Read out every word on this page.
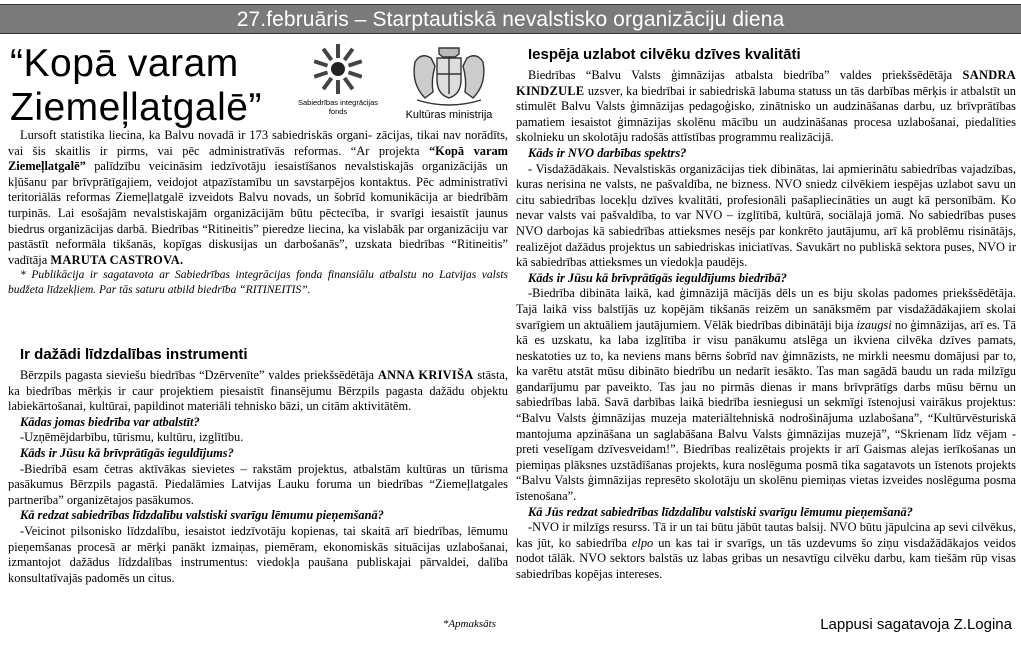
27.februāris – Starptautiskā nevalstisko organizāciju diena
“Kopā varam
Ziemeļlatgalē”	Sabiedrības integrācijas
fonds	Kultūras ministrija

Lursoft statistika liecina, ka Balvu novadā ir 173 sabiedriskās organi- zācijas, tikai nav norādīts, vai šis skaitlis ir pirms, vai pēc administratīvās reformas. “Ar projekta “Kopā varam Ziemeļlatgalē” palīdzību veicināsim iedzīvotāju iesaistīšanos nevalstiskajās organizācijās un kļūšanu par brīvprātīgajiem, veidojot atpazīstamību un savstarpējos kontaktus. Pēc administratīvi teritoriālās reformas Ziemeļlatgalē izveidots Balvu novads, un šobrīd komunikācija ar biedrībām turpinās. Lai esošajām nevalstiskajām organizācijām būtu pēctecība, ir svarīgi iesaistīt jaunus biedrus organizācijas darbā. Biedrības “Ritineitis” pieredze liecina, ka vislabāk par organizāciju var pastāstīt neformāla tikšanās, kopīgas diskusijas un darbošanās”, uzskata biedrības “Ritineitis” vadītāja MARUTA CASTROVA.

* Publikācija ir sagatavota ar Sabiedrības integrācijas fonda finansiālu atbalstu no Latvijas valsts budžeta līdzekļiem. Par tās saturu atbild biedrība “RITINEITIS”.

Ir dažādi līdzdalības instrumenti

Bērzpils pagasta sieviešu biedrības “Dzērvenīte” valdes priekšsēdētāja ANNA KRIVIŠA stāsta, ka biedrības mērķis ir caur projektiem piesaistīt finansējumu Bērzpils pagasta dažādu objektu labiekārtošanai, kultūrai, papildinot materiāli tehnisko bāzi, un citām aktivitātēm.

Kādas jomas biedrība var atbalstīt?

-Uzņēmējdarbību, tūrismu, kultūru, izglītību.

Kāds ir Jūsu kā brīvprātīgās ieguldījums?

-Biedrībā esam četras aktīvākas sievietes – rakstām projektus, atbalstām kultūras un tūrisma pasākumus Bērzpils pagastā. Piedalāmies Latvijas Lauku foruma un biedrības “Ziemeļlatgales partnerība” organizētajos pasākumos.

Kā redzat sabiedrības līdzdalību valstiski svarīgu lēmumu pieņemšanā?

-Veicinot pilsonisko līdzdalību, iesaistot iedzīvotāju kopienas, tai skaitā arī biedrības, lēmumu pieņemšanas procesā ar mērķi panākt izmaiņas, piemēram, ekonomiskās situācijas uzlabošanai, izmantojot dažādus līdzdalības instrumentus: viedokļa paušana publiskajai pārvaldei, dalība konsultatīvajās padomēs un citus.

*Apmaksāts
Iespēja uzlabot cilvēku dzīves kvalitāti

Biedrības “Balvu Valsts ģimnāzijas atbalsta biedrība” valdes priekšsēdētāja SANDRA KINDZULE uzsver, ka biedrībai ir sabiedriskā labuma statuss un tās darbības mērķis ir atbalstīt un stimulēt Balvu Valsts ģimnāzijas pedagoģisko, zinātnisko un audzināšanas darbu, uz brīvprātības pamatiem iesaistot ģimnāzijas skolēnu mācību un audzināšanas procesa uzlabošanai, piedalīties skolnieku un skolotāju radošās attīstības programmu realizācijā.

Kāds ir NVO darbības spektrs?

- Visdažādākais. Nevalstiskās organizācijas tiek dibinātas, lai apmierinātu sabiedrības vajadzības, kuras nerisina ne valsts, ne pašvaldība, ne bizness. NVO sniedz cilvēkiem iespējas uzlabot savu un citu sabiedrības locekļu dzīves kvalitāti, profesionāli pašapliecināties un augt kā personībām. Ko nevar valsts vai pašvaldība, to var NVO – izglītībā, kultūrā, sociālajā jomā. No sabiedrības puses NVO darbojas kā sabiedrības attieksmes nesējs par konkrēto jautājumu, arī kā problēmu risinātājs, realizējot dažādus projektus un sabiedriskas iniciatīvas. Savukārt no publiskā sektora puses, NVO ir kā sabiedrības attieksmes un viedokļa paudējs.

Kāds ir Jūsu kā brīvprātīgās ieguldījums biedrībā?

-Biedrība dibināta laikā, kad ģimnāzijā mācījās dēls un es biju skolas padomes priekšsēdētāja. Tajā laikā viss balstījās uz kopējām tikšanās reizēm un sanāksmēm par visdažādākajiem skolai svarīgiem un aktuāliem jautājumiem. Vēlāk biedrības dibinātāji bija izaugsi no ģimnāzijas, arī es. Tā kā es uzskatu, ka laba izglītība ir visu panākumu atslēga un ikviena cilvēka dzīves pamats, neskatoties uz to, ka neviens mans bērns šobrīd nav ģimnāzists, ne mirkli neesmu domājusi par to, ka varētu atstāt mūsu dibināto biedrību un nedarīt iesākto. Tas man sagādā baudu un rada milzīgu gandarījumu par paveikto. Tas jau no pirmās dienas ir mans brīvprātīgs darbs mūsu bērnu un sabiedrības labā. Savā darbības laikā biedrība iesniegusi un sekmīgi īstenojusi vairākus projektus: “Balvu Valsts ģimnāzijas muzeja materiāltehniskā nodrošinājuma uzlabošana”, “Kultūrvēsturiskā mantojuma apzināšana un saglabāšana Balvu Valsts ģimnāzijas muzejā”, “Skrienam līdz vējam - preti veselīgam dzīvesveidam!”. Biedrības realizētais projekts ir arī Gaismas alejas ierīkošanas un piemiņas plāksnes uzstādīšanas projekts, kura noslēguma posmā tika sagatavots un īstenots projekts “Balvu Valsts ģimnāzijas represēto skolotāju un skolēnu piemiņas vietas izveides noslēguma posma īstenošana”.

Kā Jūs redzat sabiedrības līdzdalību valstiski svarīgu lēmumu pieņemšanā?

-NVO ir milzīgs resurss. Tā ir un tai būtu jābūt tautas balsij. NVO būtu jāpulcina ap sevi cilvēkus, kas jūt, ko sabiedrība elpo un kas tai ir svarīgs, un tās uzdevums šo ziņu visdažādākajos veidos nodot tālāk. NVO sektors balstās uz labas gribas un nesavtīgu cilvēku darbu, kam tiešām rūp visas sabiedrības kopējas intereses.

Lappusi sagatavoja Z.Logina
